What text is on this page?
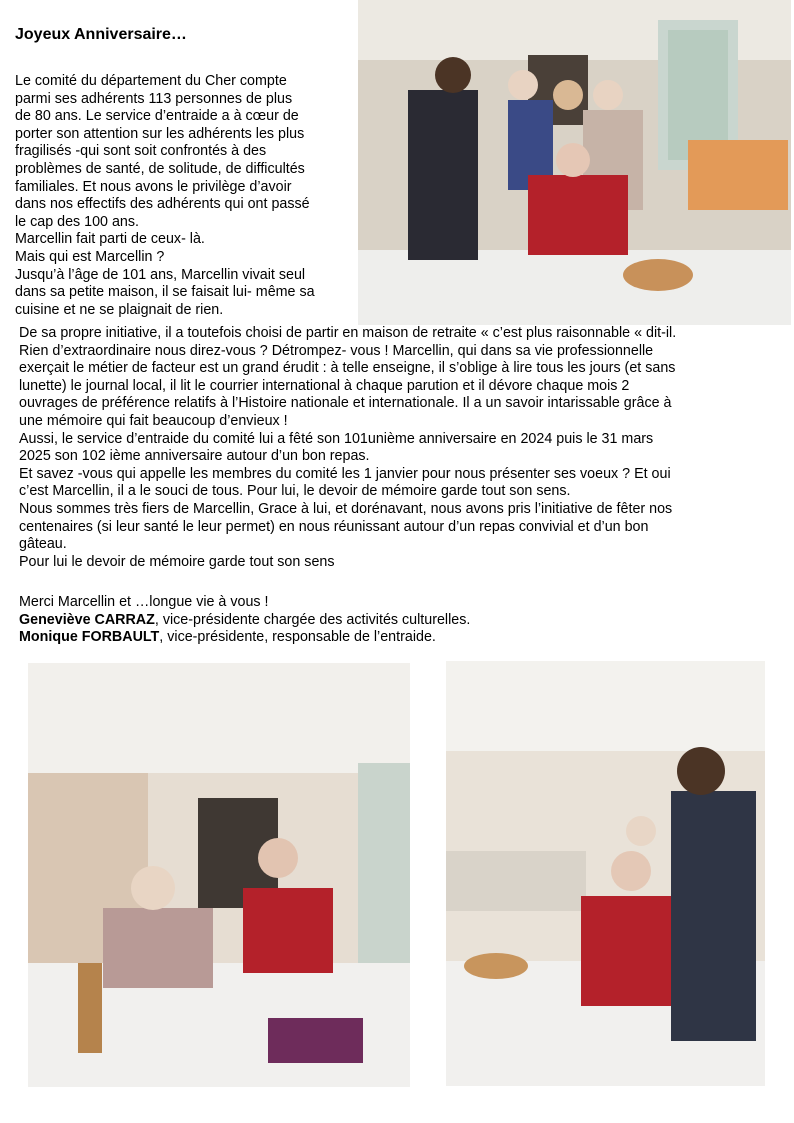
Joyeux Anniversaire…
Le comité du département du Cher compte
parmi ses adhérents 113 personnes de plus
de 80 ans. Le service d’entraide a à cœur de
porter son attention sur les adhérents les plus
fragilisés -qui sont soit confrontés à des
problèmes de santé, de solitude, de difficultés
familiales. Et nous avons le privilège d’avoir
dans nos effectifs des adhérents qui ont passé
le cap des 100 ans.
Marcellin fait parti de ceux- là.
Mais qui est Marcellin ?
Jusqu’à l’âge de 101 ans, Marcellin vivait seul
dans sa petite maison, il se faisait lui- même sa
cuisine et ne se plaignait de rien.
De sa propre initiative, il a toutefois choisi de partir en maison de retraite « c’est plus raisonnable « dit-il.
Rien d’extraordinaire nous direz-vous ? Détrompez- vous ! Marcellin, qui dans sa vie professionnelle
exerçait le métier de facteur est un grand érudit : à telle enseigne, il s’oblige à lire tous les jours (et sans
lunette) le journal local, il lit le courrier international à chaque parution et il dévore chaque mois 2
ouvrages de préférence relatifs à l’Histoire nationale et internationale. Il a un savoir intarissable grâce à
une mémoire qui fait beaucoup d’envieux !
Aussi, le service d’entraide du comité lui a fêté son 101unième anniversaire en 2024 puis le 31 mars
2025 son 102 ième anniversaire autour d’un bon repas.
Et savez -vous qui appelle les membres du comité les 1 janvier pour nous présenter ses voeux ? Et oui
c’est Marcellin, il a le souci de tous. Pour lui, le devoir de mémoire garde tout son sens.
Nous sommes très fiers de Marcellin, Grace à lui, et dorénavant, nous avons pris l’initiative de fêter nos
centenaires (si leur santé le leur permet) en nous réunissant autour d’un repas convivial et d’un bon
gâteau.
Pour lui le devoir de mémoire garde tout son sens
Merci Marcellin et …longue vie à vous !
Geneviève CARRAZ, vice-présidente chargée des activités culturelles.
Monique FORBAULT, vice-présidente, responsable de l’entraide.
